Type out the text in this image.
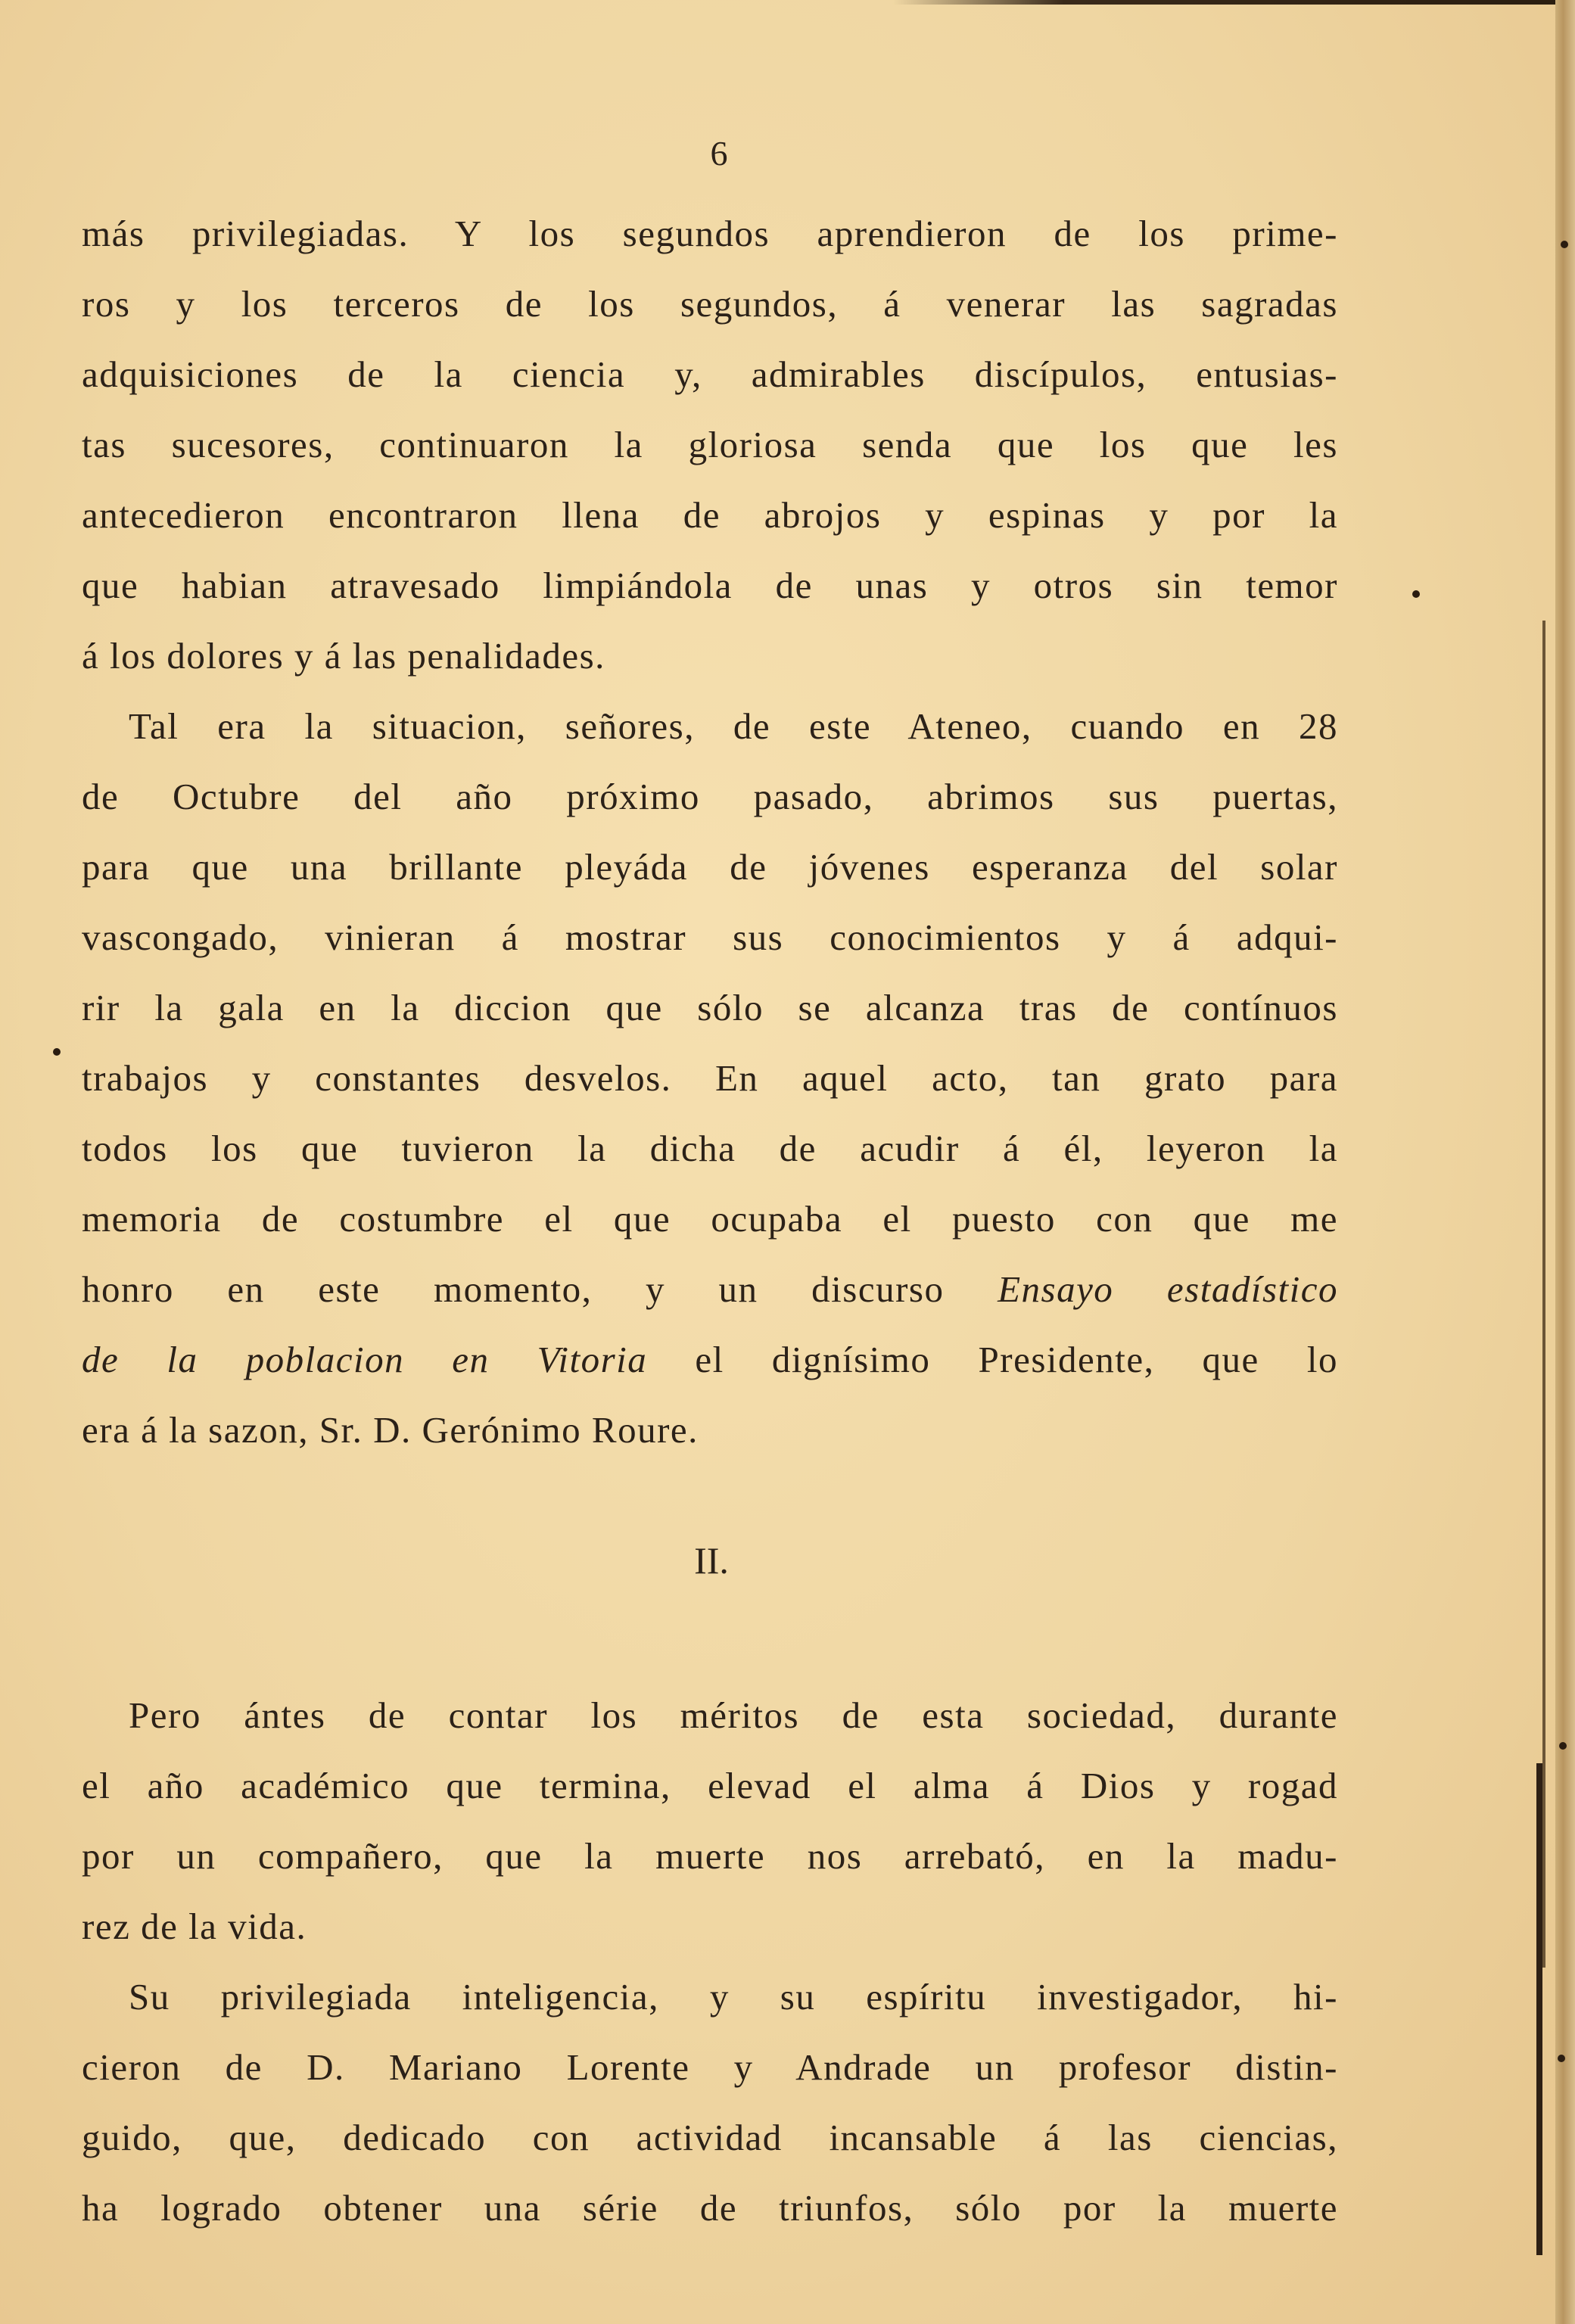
6
más privilegiadas. Y los segundos aprendieron de los prime-
ros y los terceros de los segundos, á venerar las sagradas
adquisiciones de la ciencia y, admirables discípulos, entusias-
tas sucesores, continuaron la gloriosa senda que los que les
antecedieron encontraron llena de abrojos y espinas y por la
que habian atravesado limpiándola de unas y otros sin temor
á los dolores y á las penalidades.
Tal era la situacion, señores, de este Ateneo, cuando en 28
de Octubre del año próximo pasado, abrimos sus puertas,
para que una brillante pleyáda de jóvenes esperanza del solar
vascongado, vinieran á mostrar sus conocimientos y á adqui-
rir la gala en la diccion que sólo se alcanza tras de contínuos
trabajos y constantes desvelos. En aquel acto, tan grato para
todos los que tuvieron la dicha de acudir á él, leyeron la
memoria de costumbre el que ocupaba el puesto con que me
honro en este momento, y un discurso Ensayo estadístico
de la poblacion en Vitoria el dignísimo Presidente, que lo
era á la sazon, Sr. D. Gerónimo Roure.
II.
Pero ántes de contar los méritos de esta sociedad, durante
el año académico que termina, elevad el alma á Dios y rogad
por un compañero, que la muerte nos arrebató, en la madu-
rez de la vida.
Su privilegiada inteligencia, y su espíritu investigador, hi-
cieron de D. Mariano Lorente y Andrade un profesor distin-
guido, que, dedicado con actividad incansable á las ciencias,
ha logrado obtener una série de triunfos, sólo por la muerte
